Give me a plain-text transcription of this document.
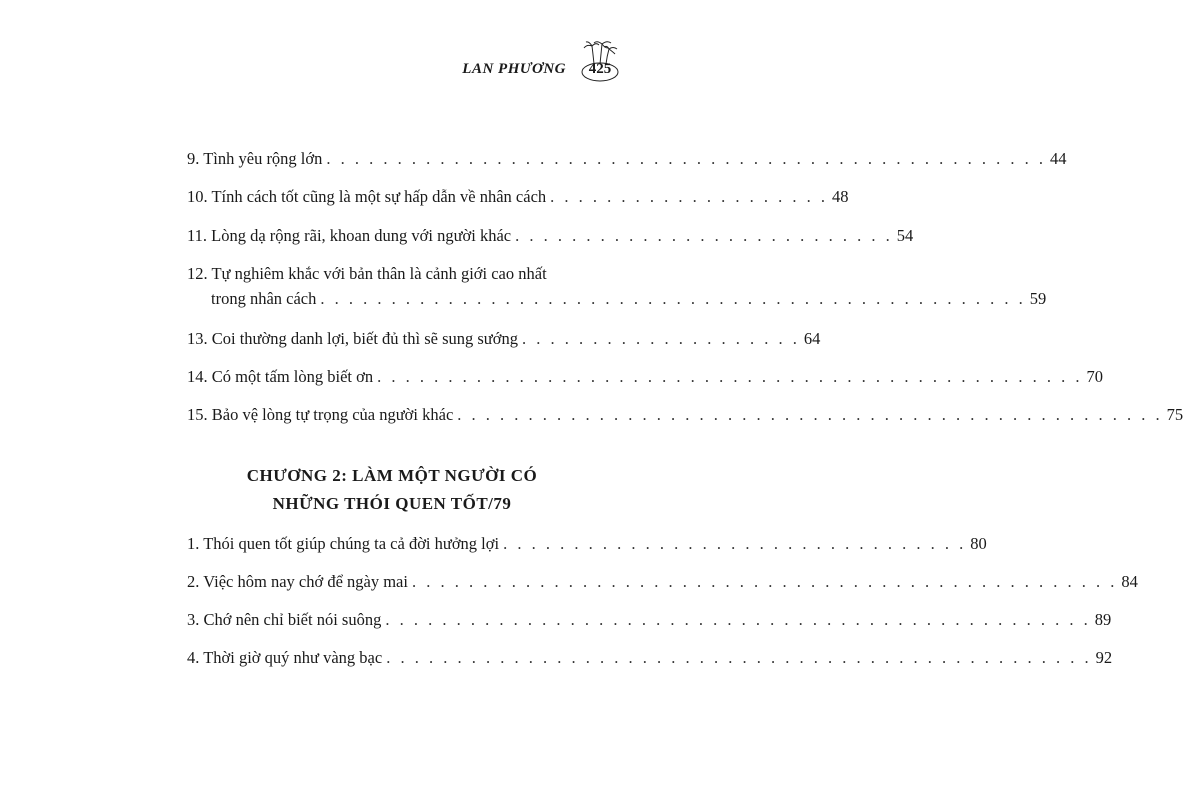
LAN PHƯƠNG	425
9. Tình yêu rộng lớn . . . . . . . . . . . . . . . . . . . . . . . . . . . . . . . . . . . . . . . . . . . . . . . . . . . 44
10. Tính cách tốt cũng là một sự hấp dẫn về nhân cách . . . . . . . . . . . . . . . . . . . . 48
11. Lòng dạ rộng rãi, khoan dung với người khác . . . . . . . . . . . . . . . . . . . . . . . . . . . 54
12. Tự nghiêm khắc với bản thân là cảnh giới cao nhất
trong nhân cách . . . . . . . . . . . . . . . . . . . . . . . . . . . . . . . . . . . . . . . . . . . . . . . . . . 59
13. Coi thường danh lợi, biết đủ thì sẽ sung sướng . . . . . . . . . . . . . . . . . . . . 64
14. Có một tấm lòng biết ơn . . . . . . . . . . . . . . . . . . . . . . . . . . . . . . . . . . . . . . . . . . . . . . . . . . 70
15. Bảo vệ lòng tự trọng của người khác . . . . . . . . . . . . . . . . . . . . . . . . . . . . . . . . . . . . . . . . . . . . . . . . . . 75
CHƯƠNG 2: LÀM MỘT NGƯỜI CÓ
NHỮNG THÓI QUEN TỐT/79
1. Thói quen tốt giúp chúng ta cả đời hưởng lợi . . . . . . . . . . . . . . . . . . . . . . . . . . . . . . . . . 80
2. Việc hôm nay chớ để ngày mai . . . . . . . . . . . . . . . . . . . . . . . . . . . . . . . . . . . . . . . . . . . . . . . . . . 84
3. Chớ nên chỉ biết nói suông . . . . . . . . . . . . . . . . . . . . . . . . . . . . . . . . . . . . . . . . . . . . . . . . . . 89
4. Thời giờ quý như vàng bạc . . . . . . . . . . . . . . . . . . . . . . . . . . . . . . . . . . . . . . . . . . . . . . . . . . 92
